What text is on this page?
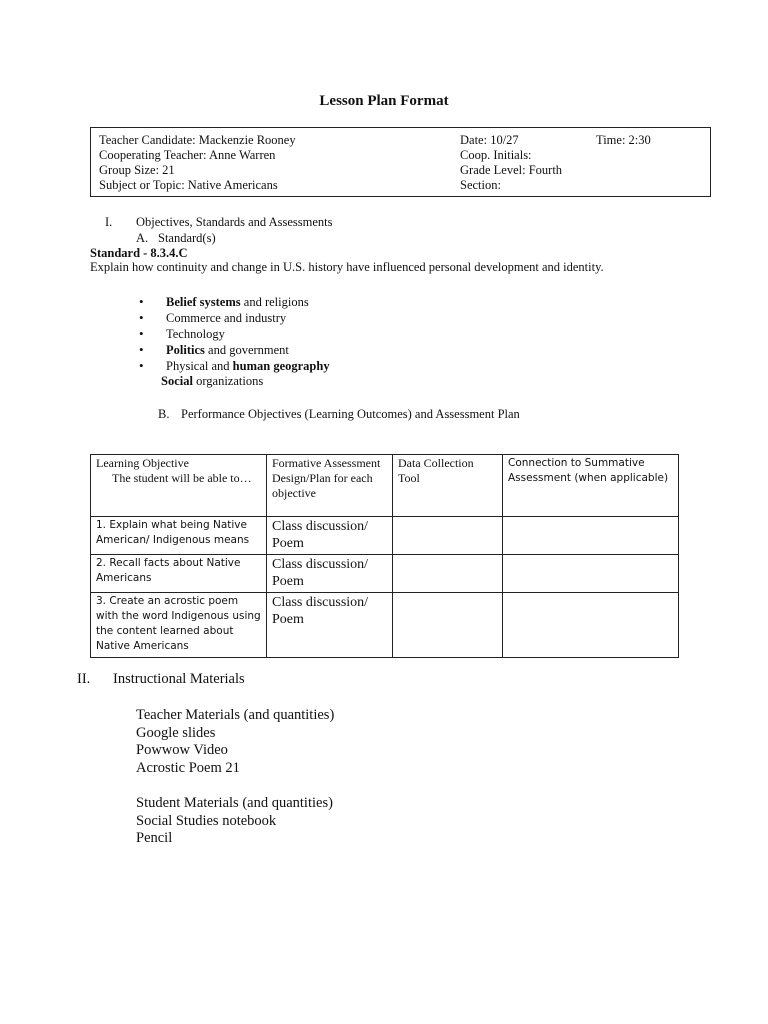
Lesson Plan Format
Teacher Candidate: Mackenzie Rooney
Cooperating Teacher: Anne Warren
Group Size: 21
Subject or Topic: Native Americans
Date: 10/27
Coop. Initials:
Grade Level: Fourth
Section:
Time: 2:30
I. Objectives, Standards and Assessments
A. Standard(s)
Standard - 8.3.4.C
Explain how continuity and change in U.S. history have influenced personal development and identity.
• Belief systems and religions
• Commerce and industry
• Technology
• Politics and government
• Physical and human geography
Social organizations
B. Performance Objectives (Learning Outcomes) and Assessment Plan
Learning Objective
The student will be able to…	Formative Assessment Design/Plan for each objective	Data Collection Tool	Connection to Summative Assessment (when applicable)
1. Explain what being Native American/ Indigenous means	Class discussion/ Poem		
2. Recall facts about Native Americans	Class discussion/ Poem		
3. Create an acrostic poem with the word Indigenous using the content learned about Native Americans	Class discussion/ Poem		
II. Instructional Materials
Teacher Materials (and quantities)
Google slides
Powwow Video
Acrostic Poem 21
Student Materials (and quantities)
Social Studies notebook
Pencil
